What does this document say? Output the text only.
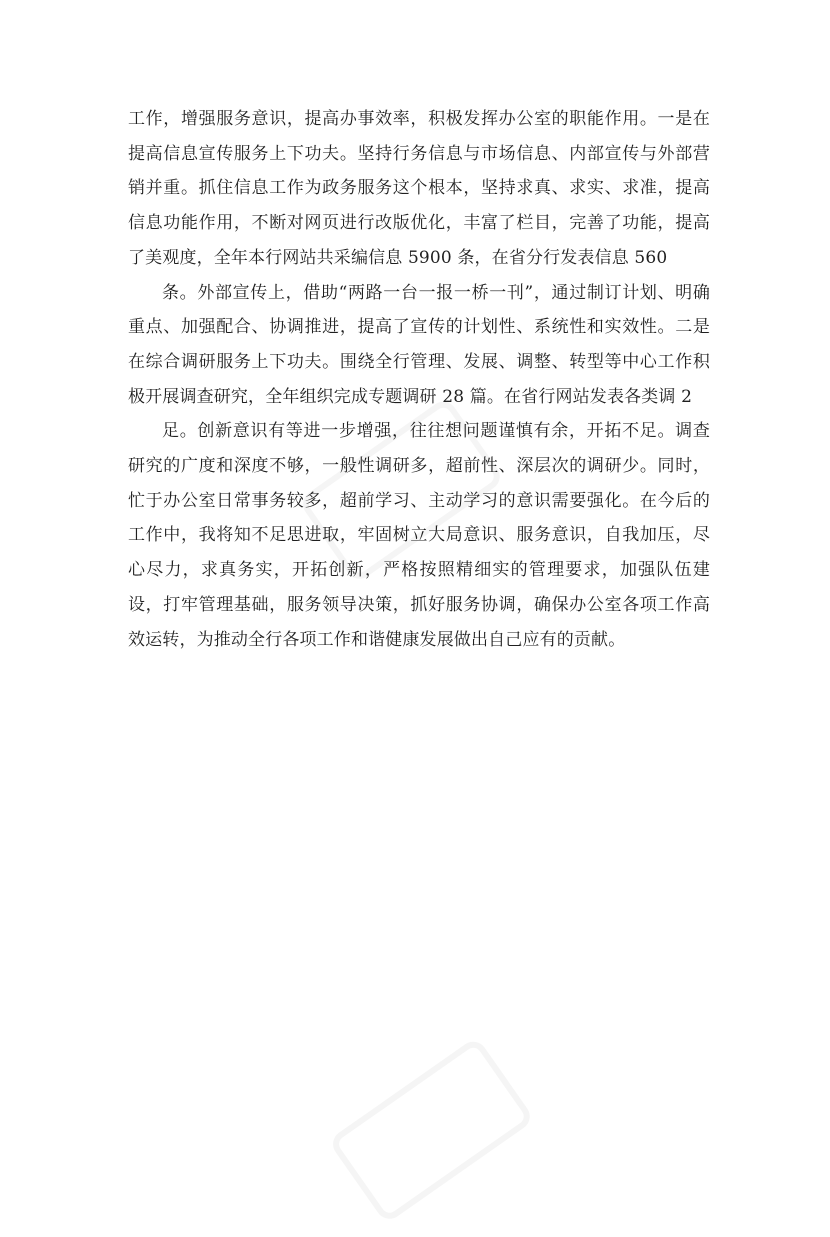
工作，增强服务意识，提高办事效率，积极发挥办公室的职能作用。一是在提高信息宣传服务上下功夫。坚持行务信息与市场信息、内部宣传与外部营销并重。抓住信息工作为政务服务这个根本，坚持求真、求实、求准，提高信息功能作用，不断对网页进行改版优化，丰富了栏目，完善了功能，提高了美观度，全年本行网站共采编信息 5900 条，在省分行发表信息 560

条。外部宣传上，借助“两路一台一报一桥一刊”，通过制订计划、明确重点、加强配合、协调推进，提高了宣传的计划性、系统性和实效性。二是在综合调研服务上下功夫。围绕全行管理、发展、调整、转型等中心工作积极开展调查研究，全年组织完成专题调研 28 篇。在省行网站发表各类调 2

足。创新意识有等进一步增强，往往想问题谨慎有余，开拓不足。调查研究的广度和深度不够，一般性调研多，超前性、深层次的调研少。同时，忙于办公室日常事务较多，超前学习、主动学习的意识需要强化。在今后的工作中，我将知不足思进取，牢固树立大局意识、服务意识，自我加压，尽心尽力，求真务实，开拓创新，严格按照精细实的管理要求，加强队伍建设，打牢管理基础，服务领导决策，抓好服务协调，确保办公室各项工作高效运转，为推动全行各项工作和谐健康发展做出自己应有的贡献。
